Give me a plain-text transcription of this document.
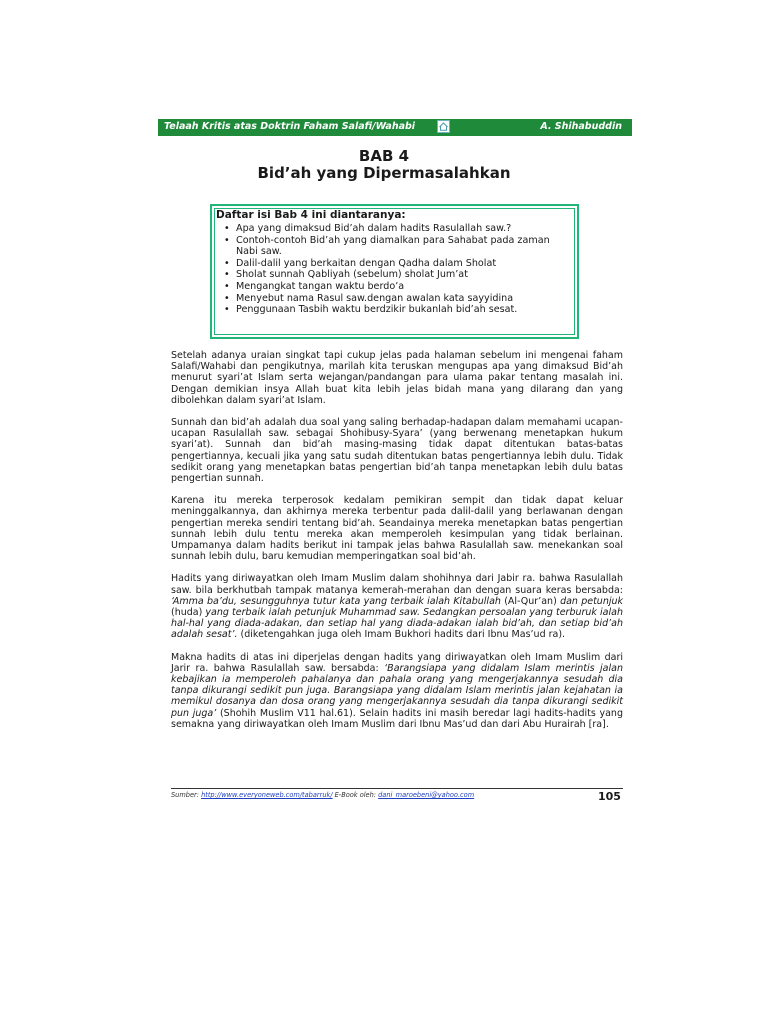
Telaah Kritis atas Doktrin Faham Salafi/Wahabi	A. Shihabuddin
BAB 4
Bid’ah yang Dipermasalahkan
Daftar isi Bab 4 ini diantaranya:
• Apa yang dimaksud Bid’ah dalam hadits Rasulallah saw.?
• Contoh-contoh Bid’ah yang diamalkan para Sahabat pada zaman Nabi saw.
• Dalil-dalil yang berkaitan dengan Qadha dalam Sholat
• Sholat sunnah Qabliyah (sebelum) sholat Jum’at
• Mengangkat tangan waktu berdo’a
• Menyebut nama Rasul saw.dengan awalan kata sayyidina
• Penggunaan Tasbih waktu berdzikir bukanlah bid’ah sesat.

Setelah adanya uraian singkat tapi cukup jelas pada halaman sebelum ini mengenai faham Salafi/Wahabi dan pengikutnya, marilah kita teruskan mengupas apa yang dimaksud Bid’ah menurut syari’at Islam serta wejangan/pandangan para ulama pakar tentang masalah ini. Dengan demikian insya Allah buat kita lebih jelas bidah mana yang dilarang dan yang dibolehkan dalam syari’at Islam.

Sunnah dan bid’ah adalah dua soal yang saling berhadap-hadapan dalam memahami ucapan-ucapan Rasulallah saw. sebagai Shohibusy-Syara’ (yang berwenang menetapkan hukum syari’at). Sunnah dan bid’ah masing-masing tidak dapat ditentukan batas-batas pengertiannya, kecuali jika yang satu sudah ditentukan batas pengertiannya lebih dulu. Tidak sedikit orang yang menetapkan batas pengertian bid’ah tanpa menetapkan lebih dulu batas pengertian sunnah.

Karena itu mereka terperosok kedalam pemikiran sempit dan tidak dapat keluar meninggalkannya, dan akhirnya mereka terbentur pada dalil-dalil yang berlawanan dengan pengertian mereka sendiri tentang bid’ah. Seandainya mereka menetapkan batas pengertian sunnah lebih dulu tentu mereka akan memperoleh kesimpulan yang tidak berlainan. Umpamanya dalam hadits berikut ini tampak jelas bahwa Rasulallah saw. menekankan soal sunnah lebih dulu, baru kemudian memperingatkan soal bid’ah.

Hadits yang diriwayatkan oleh Imam Muslim dalam shohihnya dari Jabir ra. bahwa Rasulallah saw. bila berkhutbah tampak matanya kemerah-merahan dan dengan suara keras bersabda: ‘Amma ba’du, sesungguhnya tutur kata yang terbaik ialah Kitabullah (Al-Qur’an) dan petunjuk (huda) yang terbaik ialah petunjuk Muhammad saw. Sedangkan persoalan yang terburuk ialah hal-hal yang diada-adakan, dan setiap hal yang diada-adakan ialah bid’ah, dan setiap bid’ah adalah sesat’. (diketengahkan juga oleh Imam Bukhori hadits dari Ibnu Mas’ud ra).

Makna hadits di atas ini diperjelas dengan hadits yang diriwayatkan oleh Imam Muslim dari Jarir ra. bahwa Rasulallah saw. bersabda: ‘Barangsiapa yang didalam Islam merintis jalan kebajikan ia memperoleh pahalanya dan pahala orang yang mengerjakannya sesudah dia tanpa dikurangi sedikit pun juga. Barangsiapa yang didalam Islam merintis jalan kejahatan ia memikul dosanya dan dosa orang yang mengerjakannya sesudah dia tanpa dikurangi sedikit pun juga’ (Shohih Muslim V11 hal.61). Selain hadits ini masih beredar lagi hadits-hadits yang semakna yang diriwayatkan oleh Imam Muslim dari Ibnu Mas’ud dan dari Abu Hurairah [ra].

Sumber: http://www.everyoneweb.com/tabarruk/ E-Book oleh: dani_maroebeni@yahoo.com	105
